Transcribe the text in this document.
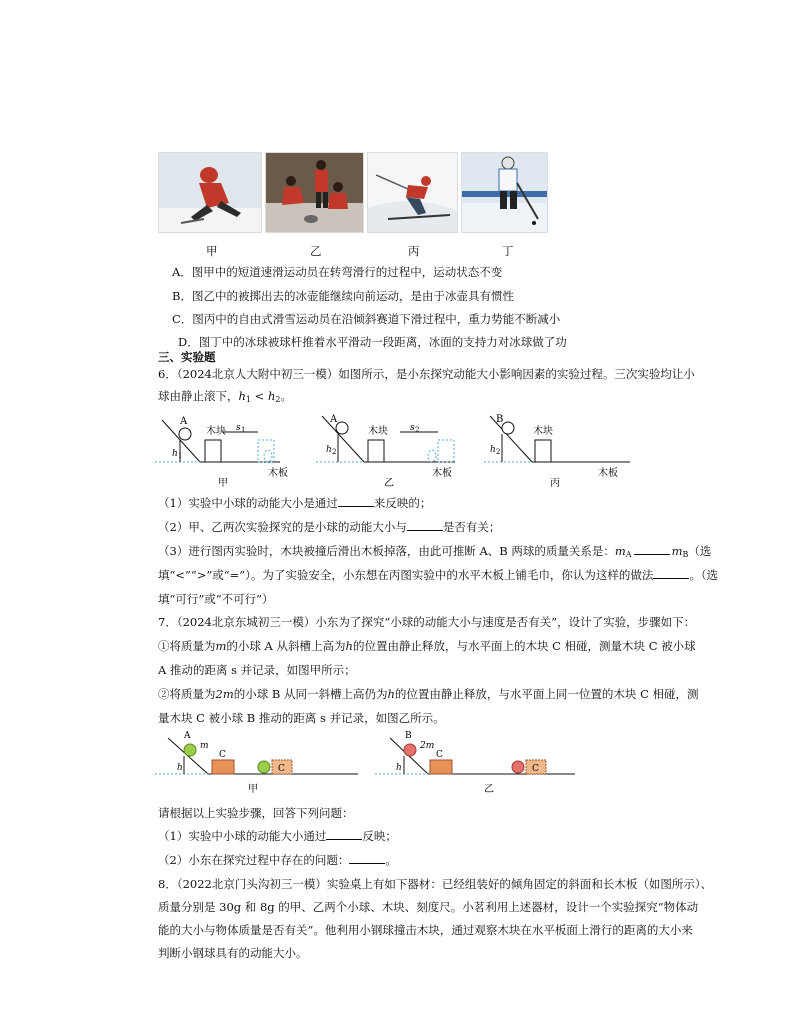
甲	乙	丙	丁
A．图甲中的短道速滑运动员在转弯滑行的过程中，运动状态不变
B．图乙中的被掷出去的冰壶能继续向前运动，是由于冰壶具有惯性
C．图丙中的自由式滑雪运动员在沿倾斜赛道下滑过程中，重力势能不断减小
D．图丁中的冰球被球杆推着水平滑动一段距离，冰面的支持力对冰球做了功
三、实验题
6．（2024北京人大附中初三一模）如图所示，是小东探究动能大小影响因素的实验过程。三次实验均让小
球由静止滚下，$h_1 < h_2$。
A
h 1
木块 s 1
木板
甲
A
h 2
木块 s 2
木板
乙
B
h 2
木块
木板
丙
（1）实验中小球的动能大小是通过	来反映的；
（2）甲、乙两次实验探究的是小球的动能大小与	是否有关；
（3）进行图丙实验时，木块被撞后滑出木板掉落，由此可推断 A、B 两球的质量关系是：$m_A$	$m_B$（选
填“<”“>”或“=”）。为了实验安全，小东想在丙图实验中的水平木板上铺毛巾，你认为这样的做法	。（选
填“可行”或“不可行”）
7．（2024北京东城初三一模）小东为了探究“小球的动能大小与速度是否有关”，设计了实验，步骤如下：
①将质量为m的小球 A 从斜槽上高为h的位置由静止释放，与水平面上的木块 C 相碰，测量木块 C 被小球
A 推动的距离 s 并记录，如图甲所示；
②将质量为2m的小球 B 从同一斜槽上高仍为h的位置由静止释放，与水平面上同一位置的木块 C 相碰，测
量木块 C 被小球 B 推动的距离 s 并记录，如图乙所示。
A
m
h
C
C
甲
B
2m
h
C
C
乙
请根据以上实验步骤，回答下列问题：
（1）实验中小球的动能大小通过	反映；
（2）小东在探究过程中存在的问题：	。
8．（2022北京门头沟初三一模）实验桌上有如下器材：已经组装好的倾角固定的斜面和长木板（如图所示）、
质量分别是 30g 和 8g 的甲、乙两个小球、木块、刻度尺。小茗利用上述器材，设计一个实验探究“物体动
能的大小与物体质量是否有关”。他利用小钢球撞击木块，通过观察木块在水平板面上滑行的距离的大小来
判断小钢球具有的动能大小。
